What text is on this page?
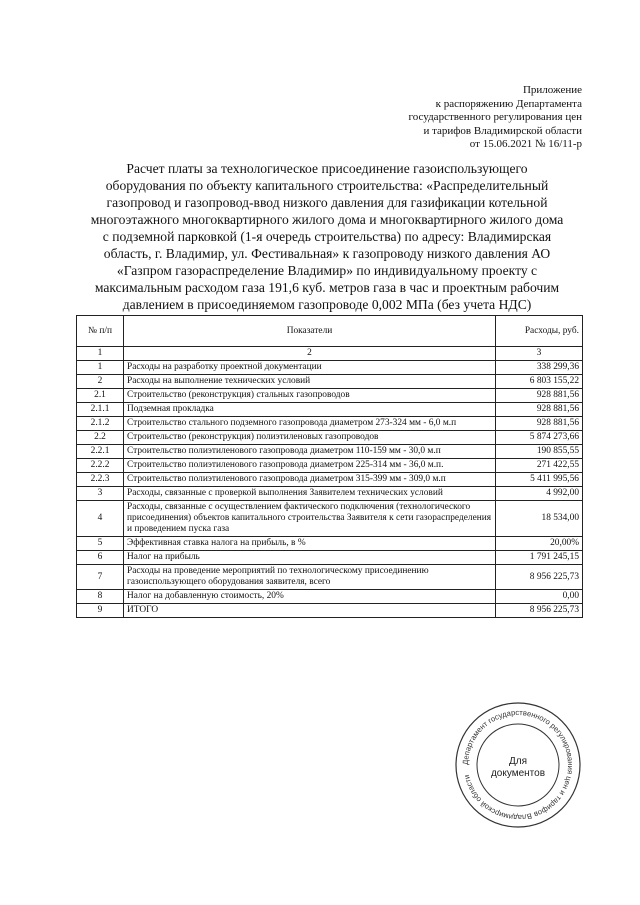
Приложение
к распоряжению Департамента
государственного регулирования цен
и тарифов Владимирской области
от 15.06.2021 № 16/11-р
Расчет платы за технологическое присоединение газоиспользующего
оборудования по объекту капитального строительства: «Распределительный
газопровод и газопровод-ввод низкого давления для газификации котельной
многоэтажного многоквартирного жилого дома и многоквартирного жилого дома
с подземной парковкой (1-я очередь строительства) по адресу: Владимирская
область, г. Владимир, ул. Фестивальная» к газопроводу низкого давления АО
«Газпром газораспределение Владимир» по индивидуальному проекту с
максимальным расходом газа 191,6 куб. метров газа в час и проектным рабочим
давлением в присоединяемом газопроводе 0,002 МПа (без учета НДС)
№ п/п	Показатели	Расходы, руб.
1	2	3
1	Расходы на разработку проектной документации	338 299,36
2	Расходы на выполнение технических условий	6 803 155,22
2.1	Строительство (реконструкция) стальных газопроводов	928 881,56
2.1.1	Подземная прокладка	928 881,56
2.1.2	Строительство стального подземного газопровода диаметром 273-324 мм - 6,0 м.п	928 881,56
2.2	Строительство (реконструкция) полиэтиленовых газопроводов	5 874 273,66
2.2.1	Строительство полиэтиленового газопровода диаметром 110-159 мм - 30,0 м.п	190 855,55
2.2.2	Строительство полиэтиленового газопровода диаметром 225-314 мм - 36,0 м.п.	271 422,55
2.2.3	Строительство полиэтиленового газопровода диаметром 315-399 мм - 309,0 м.п	5 411 995,56
3	Расходы, связанные с проверкой выполнения Заявителем технических условий	4 992,00
4	Расходы, связанные с осуществлением фактического подключения (технологического присоединения) объектов капитального строительства Заявителя к сети газораспределения и проведением пуска газа	18 534,00
5	Эффективная ставка налога на прибыль, в %	20,00%
6	Налог на прибыль	1 791 245,15
7	Расходы на проведение мероприятий по технологическому присоединению газоиспользующего оборудования заявителя, всего	8 956 225,73
8	Налог на добавленную стоимость, 20%	0,00
9	ИТОГО	8 956 225,73
Департамент государственного регулирования цен и тарифов Владимирской области
Для
документов
